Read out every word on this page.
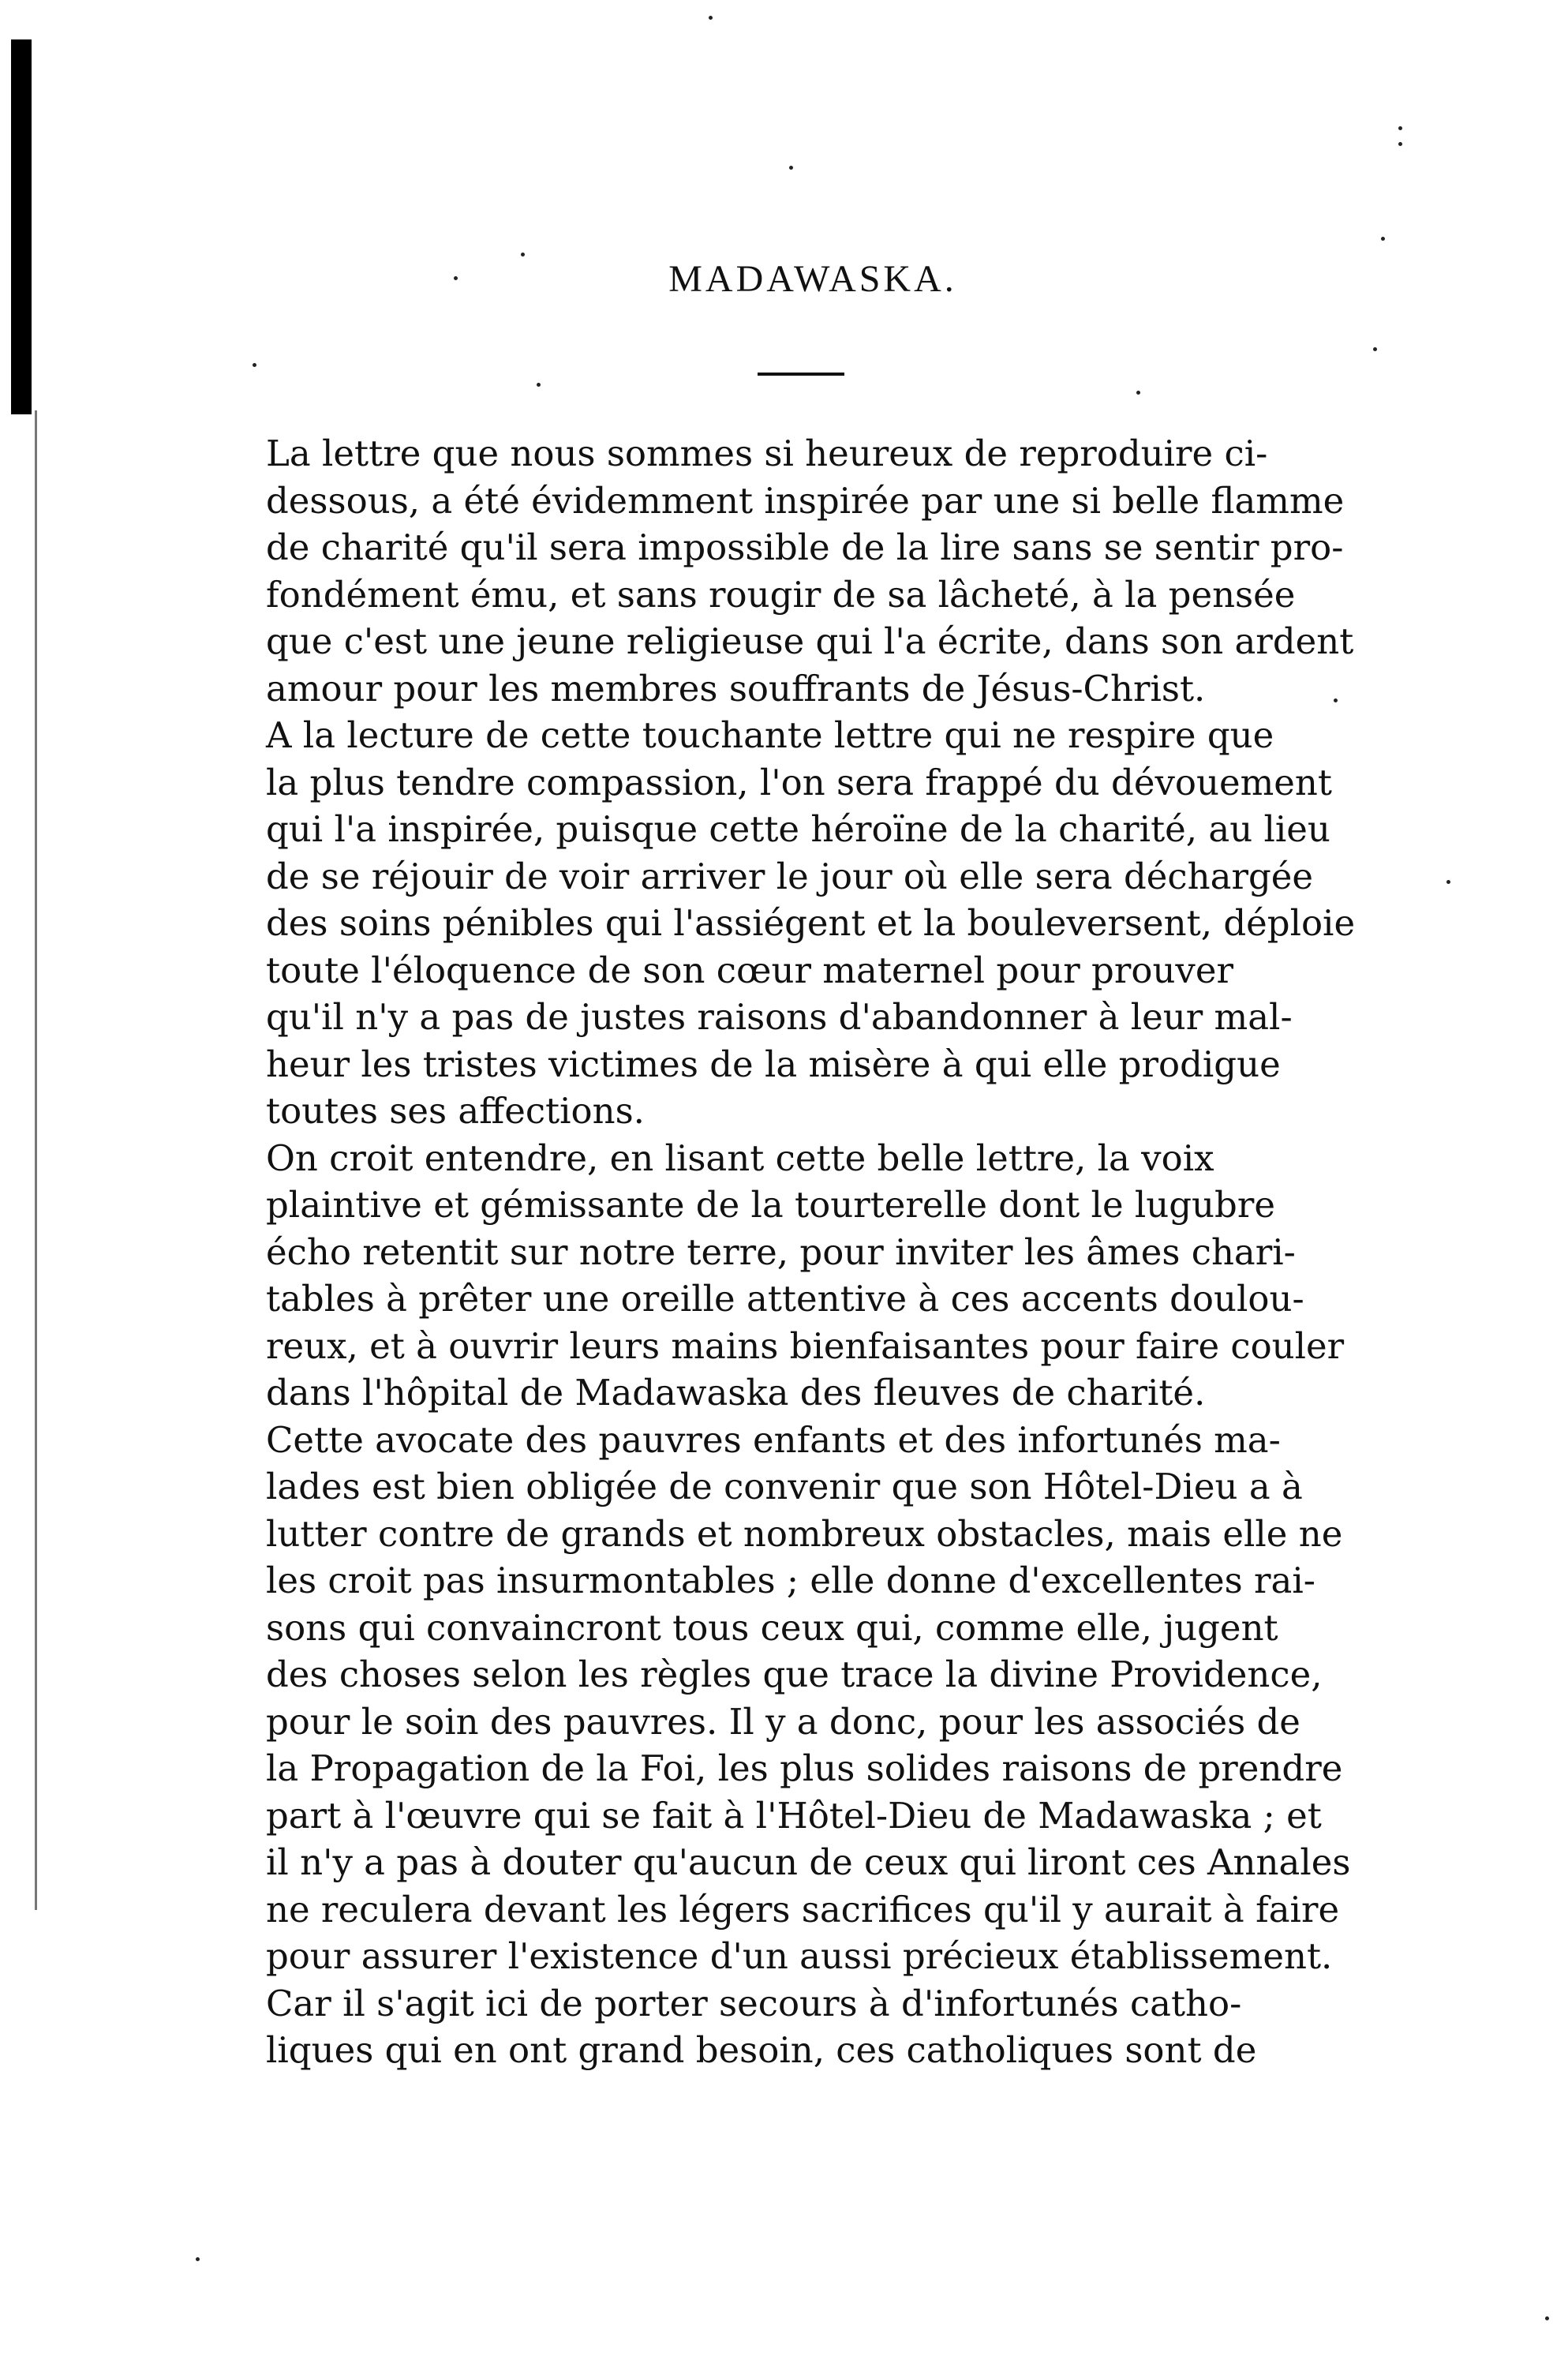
MADAWASKA.

La lettre que nous sommes si heureux de reproduire ci-
dessous, a été évidemment inspirée par une si belle flamme
de charité qu'il sera impossible de la lire sans se sentir pro-
fondément ému, et sans rougir de sa lâcheté, à la pensée
que c'est une jeune religieuse qui l'a écrite, dans son ardent
amour pour les membres souffrants de Jésus-Christ.

A la lecture de cette touchante lettre qui ne respire que
la plus tendre compassion, l'on sera frappé du dévouement
qui l'a inspirée, puisque cette héroïne de la charité, au lieu
de se réjouir de voir arriver le jour où elle sera déchargée
des soins pénibles qui l'assiégent et la bouleversent, déploie
toute l'éloquence de son cœur maternel pour prouver
qu'il n'y a pas de justes raisons d'abandonner à leur mal-
heur les tristes victimes de la misère à qui elle prodigue
toutes ses affections.

On croit entendre, en lisant cette belle lettre, la voix
plaintive et gémissante de la tourterelle dont le lugubre
écho retentit sur notre terre, pour inviter les âmes chari-
tables à prêter une oreille attentive à ces accents doulou-
reux, et à ouvrir leurs mains bienfaisantes pour faire couler
dans l'hôpital de Madawaska des fleuves de charité.

Cette avocate des pauvres enfants et des infortunés ma-
lades est bien obligée de convenir que son Hôtel-Dieu a à
lutter contre de grands et nombreux obstacles, mais elle ne
les croit pas insurmontables ; elle donne d'excellentes rai-
sons qui convaincront tous ceux qui, comme elle, jugent
des choses selon les règles que trace la divine Providence,
pour le soin des pauvres. Il y a donc, pour les associés de
la Propagation de la Foi, les plus solides raisons de prendre
part à l'œuvre qui se fait à l'Hôtel-Dieu de Madawaska ; et
il n'y a pas à douter qu'aucun de ceux qui liront ces Annales
ne reculera devant les légers sacrifices qu'il y aurait à faire
pour assurer l'existence d'un aussi précieux établissement.

Car il s'agit ici de porter secours à d'infortunés catho-
liques qui en ont grand besoin, ces catholiques sont de
